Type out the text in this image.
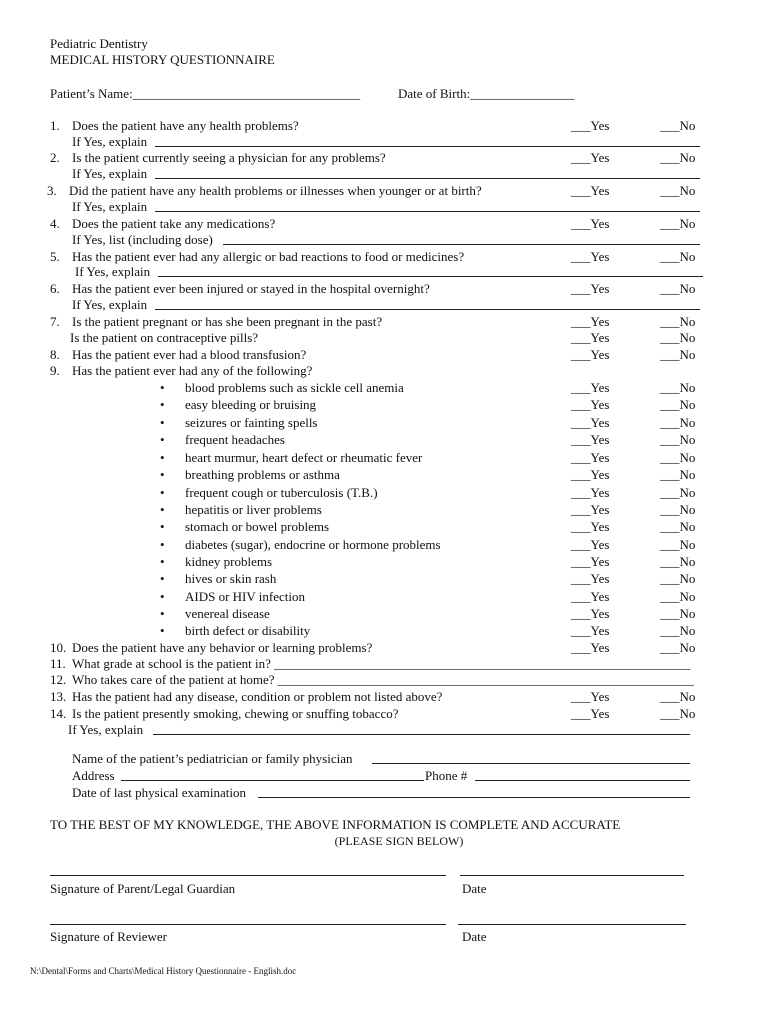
Pediatric Dentistry
MEDICAL HISTORY QUESTIONNAIRE
Patient’s Name:___________________________________	Date of Birth:________________
1. Does the patient have any health problems?	___Yes	___No
If Yes, explain
2. Is the patient currently seeing a physician for any problems?	___Yes	___No
If Yes, explain
3. Did the patient have any health problems or illnesses when younger or at birth?	___Yes	___No
If Yes, explain
4. Does the patient take any medications?	___Yes	___No
If Yes, list (including dose)
5. Has the patient ever had any allergic or bad reactions to food or medicines?	___Yes	___No
If Yes, explain
6. Has the patient ever been injured or stayed in the hospital overnight?	___Yes	___No
If Yes, explain
7. Is the patient pregnant or has she been pregnant in the past?	___Yes	___No
Is the patient on contraceptive pills?	___Yes	___No
8. Has the patient ever had a blood transfusion?	___Yes	___No
9. Has the patient ever had any of the following?
• blood problems such as sickle cell anemia	___Yes	___No
• easy bleeding or bruising	___Yes	___No
• seizures or fainting spells	___Yes	___No
• frequent headaches	___Yes	___No
• heart murmur, heart defect or rheumatic fever	___Yes	___No
• breathing problems or asthma	___Yes	___No
• frequent cough or tuberculosis (T.B.)	___Yes	___No
• hepatitis or liver problems	___Yes	___No
• stomach or bowel problems	___Yes	___No
• diabetes (sugar), endocrine or hormone problems	___Yes	___No
• kidney problems	___Yes	___No
• hives or skin rash	___Yes	___No
• AIDS or HIV infection	___Yes	___No
• venereal disease	___Yes	___No
• birth defect or disability	___Yes	___No
10. Does the patient have any behavior or learning problems?	___Yes	___No
11. What grade at school is the patient in? ________________________________________________________________
12. Who takes care of the patient at home? ________________________________________________________________
13. Has the patient had any disease, condition or problem not listed above?	___Yes	___No
14. Is the patient presently smoking, chewing or snuffing tobacco?	___Yes	___No
If Yes, explain
Name of the patient’s pediatrician or family physician
Address	Phone #
Date of last physical examination
TO THE BEST OF MY KNOWLEDGE, THE ABOVE INFORMATION IS COMPLETE AND ACCURATE
(PLEASE SIGN BELOW)
Signature of Parent/Legal Guardian	Date
Signature of Reviewer	Date
N:\Dental\Forms and Charts\Medical History Questionnaire - English.doc
